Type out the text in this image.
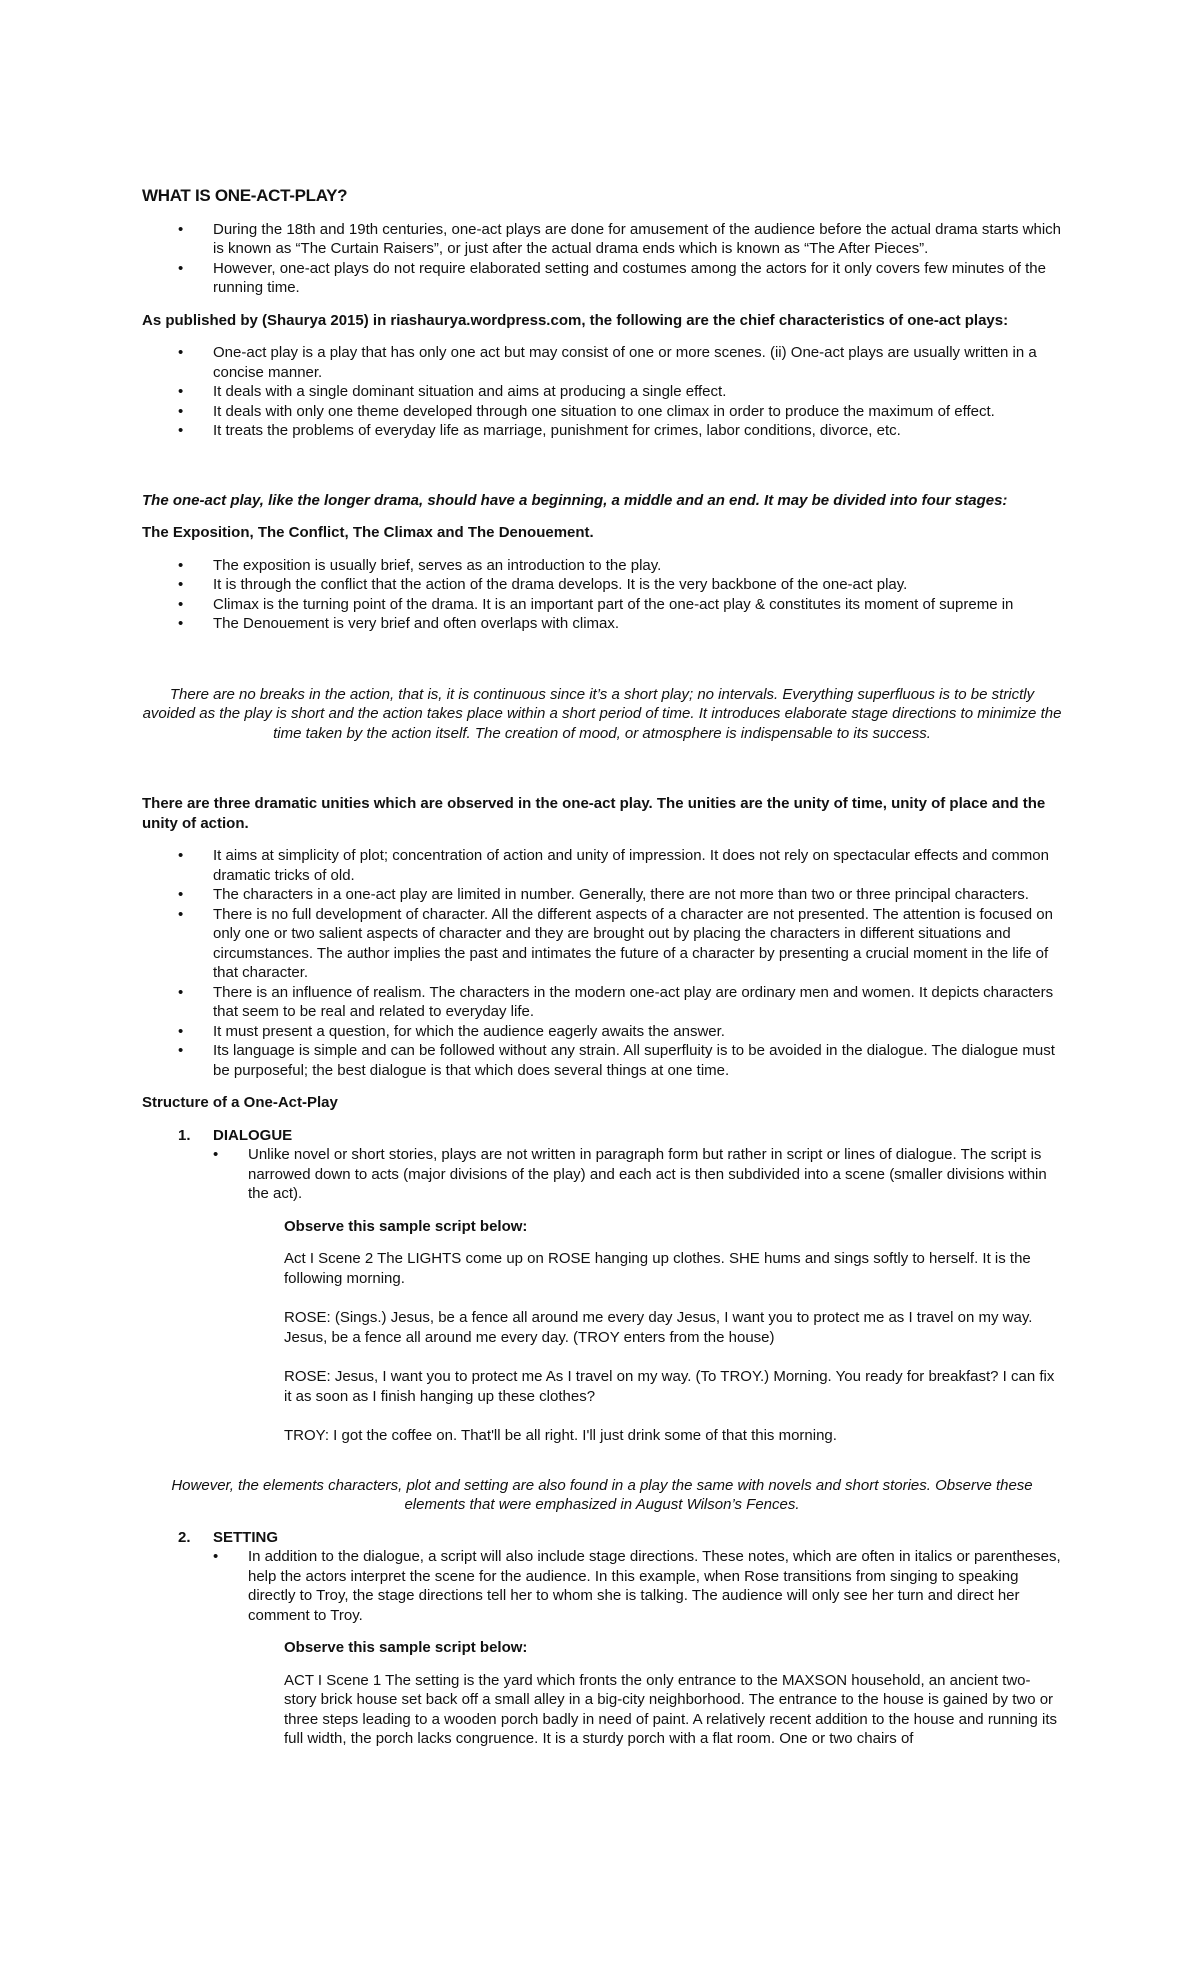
WHAT IS ONE-ACT-PLAY?
• During the 18th and 19th centuries, one-act plays are done for amusement of the audience before the actual drama starts which is known as “The Curtain Raisers”, or just after the actual drama ends which is known as “The After Pieces”.
• However, one-act plays do not require elaborated setting and costumes among the actors for it only covers few minutes of the running time.

As published by (Shaurya 2015) in riashaurya.wordpress.com, the following are the chief characteristics of one-act plays:

• One-act play is a play that has only one act but may consist of one or more scenes. (ii) One-act plays are usually written in a concise manner.
• It deals with a single dominant situation and aims at producing a single effect.
• It deals with only one theme developed through one situation to one climax in order to produce the maximum of effect.
• It treats the problems of everyday life as marriage, punishment for crimes, labor conditions, divorce, etc.

The one-act play, like the longer drama, should have a beginning, a middle and an end. It may be divided into four stages:

The Exposition, The Conflict, The Climax and The Denouement.

• The exposition is usually brief, serves as an introduction to the play.
• It is through the conflict that the action of the drama develops. It is the very backbone of the one-act play.
• Climax is the turning point of the drama. It is an important part of the one-act play & constitutes its moment of supreme in
• The Denouement is very brief and often overlaps with climax.

There are no breaks in the action, that is, it is continuous since it’s a short play; no intervals. Everything superfluous is to be strictly avoided as the play is short and the action takes place within a short period of time. It introduces elaborate stage directions to minimize the time taken by the action itself. The creation of mood, or atmosphere is indispensable to its success.

There are three dramatic unities which are observed in the one-act play. The unities are the unity of time, unity of place and the unity of action.

• It aims at simplicity of plot; concentration of action and unity of impression. It does not rely on spectacular effects and common dramatic tricks of old.
• The characters in a one-act play are limited in number. Generally, there are not more than two or three principal characters.
• There is no full development of character. All the different aspects of a character are not presented. The attention is focused on only one or two salient aspects of character and they are brought out by placing the characters in different situations and circumstances. The author implies the past and intimates the future of a character by presenting a crucial moment in the life of that character.
• There is an influence of realism. The characters in the modern one-act play are ordinary men and women. It depicts characters that seem to be real and related to everyday life.
• It must present a question, for which the audience eagerly awaits the answer.
• Its language is simple and can be followed without any strain. All superfluity is to be avoided in the dialogue. The dialogue must be purposeful; the best dialogue is that which does several things at one time.

Structure of a One-Act-Play

1. DIALOGUE
• Unlike novel or short stories, plays are not written in paragraph form but rather in script or lines of dialogue. The script is narrowed down to acts (major divisions of the play) and each act is then subdivided into a scene (smaller divisions within the act).

Observe this sample script below:

Act I Scene 2 The LIGHTS come up on ROSE hanging up clothes. SHE hums and sings softly to herself. It is the following morning.

ROSE: (Sings.) Jesus, be a fence all around me every day Jesus, I want you to protect me as I travel on my way. Jesus, be a fence all around me every day. (TROY enters from the house)

ROSE: Jesus, I want you to protect me As I travel on my way. (To TROY.) Morning. You ready for breakfast? I can fix it as soon as I finish hanging up these clothes?

TROY: I got the coffee on. That'll be all right. I'll just drink some of that this morning.

However, the elements characters, plot and setting are also found in a play the same with novels and short stories. Observe these elements that were emphasized in August Wilson’s Fences.

2. SETTING
• In addition to the dialogue, a script will also include stage directions. These notes, which are often in italics or parentheses, help the actors interpret the scene for the audience. In this example, when Rose transitions from singing to speaking directly to Troy, the stage directions tell her to whom she is talking. The audience will only see her turn and direct her comment to Troy.

Observe this sample script below:

ACT I Scene 1 The setting is the yard which fronts the only entrance to the MAXSON household, an ancient two-story brick house set back off a small alley in a big-city neighborhood. The entrance to the house is gained by two or three steps leading to a wooden porch badly in need of paint. A relatively recent addition to the house and running its full width, the porch lacks congruence. It is a sturdy porch with a flat room. One or two chairs of
